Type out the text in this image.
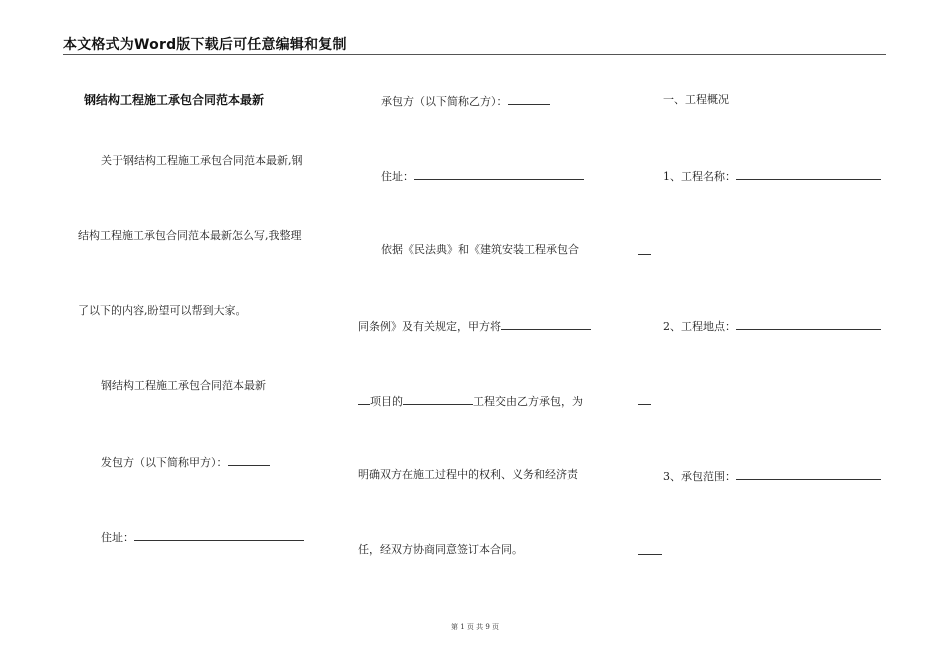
本文格式为Word版下载后可任意编辑和复制
钢结构工程施工承包合同范本最新
关于钢结构工程施工承包合同范本最新,钢
结构工程施工承包合同范本最新怎么写,我整理
了以下的内容,盼望可以帮到大家。
钢结构工程施工承包合同范本最新
发包方（以下简称甲方）：
住址：
承包方（以下简称乙方）：
住址：
依据《民法典》和《建筑安装工程承包合
同条例》及有关规定，甲方将
项目的	工程交由乙方承包，为
明确双方在施工过程中的权利、义务和经济责
任，经双方协商同意签订本合同。
一、工程概况
1、工程名称：
2、工程地点：
3、承包范围：
第 1 页 共 9 页
